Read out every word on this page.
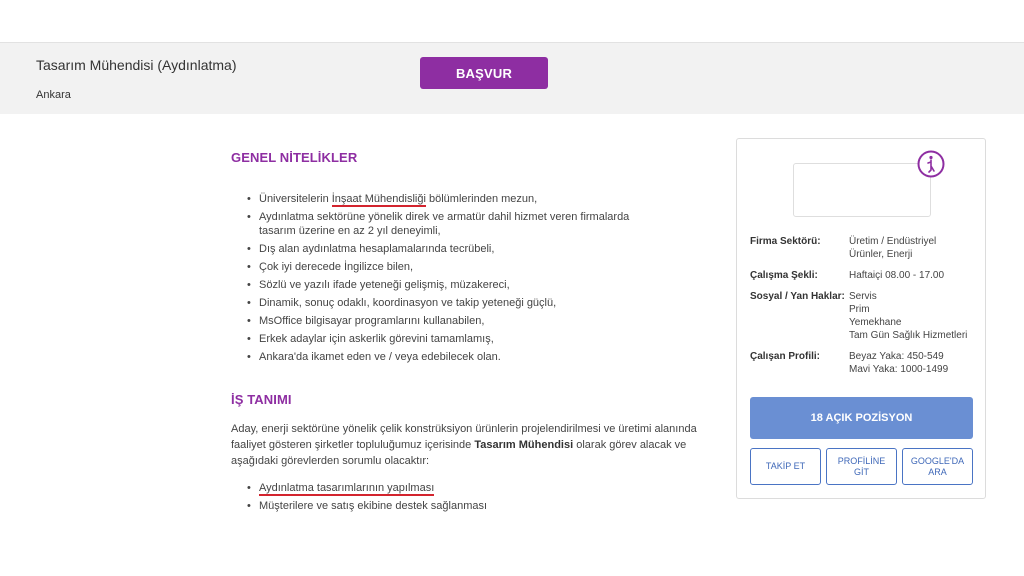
Tasarım Mühendisi (Aydınlatma)
Ankara
BAŞVUR
GENEL NİTELİKLER
• Üniversitelerin İnşaat Mühendisliği bölümlerinden mezun,
• Aydınlatma sektörüne yönelik direk ve armatür dahil hizmet veren firmalarda
tasarım üzerine en az 2 yıl deneyimli,
• Dış alan aydınlatma hesaplamalarında tecrübeli,
• Çok iyi derecede İngilizce bilen,
• Sözlü ve yazılı ifade yeteneği gelişmiş, müzakereci,
• Dinamik, sonuç odaklı, koordinasyon ve takip yeteneği güçlü,
• MsOffice bilgisayar programlarını kullanabilen,
• Erkek adaylar için askerlik görevini tamamlamış,
• Ankara'da ikamet eden ve / veya edebilecek olan.
İŞ TANIMI

Aday, enerji sektörüne yönelik çelik konstrüksiyon ürünlerin projelendirilmesi ve üretimi alanında faaliyet gösteren şirketler topluluğumuz içerisinde Tasarım Mühendisi olarak görev alacak ve aşağıdaki görevlerden sorumlu olacaktır:

• Aydınlatma tasarımlarının yapılması
• Müşterilere ve satış ekibine destek sağlanması
Firma Sektörü:	Üretim / Endüstriyel
Ürünler, Enerji
Çalışma Şekli:	Haftaiçi 08.00 - 17.00
Sosyal / Yan Haklar: Servis
Prim
Yemekhane
Tam Gün Sağlık Hizmetleri
Çalışan Profili:	Beyaz Yaka: 450-549
Mavi Yaka: 1000-1499
18 AÇIK POZİSYON
TAKİP ET
PROFİLİNE
GİT
GOOGLE'DA
ARA
